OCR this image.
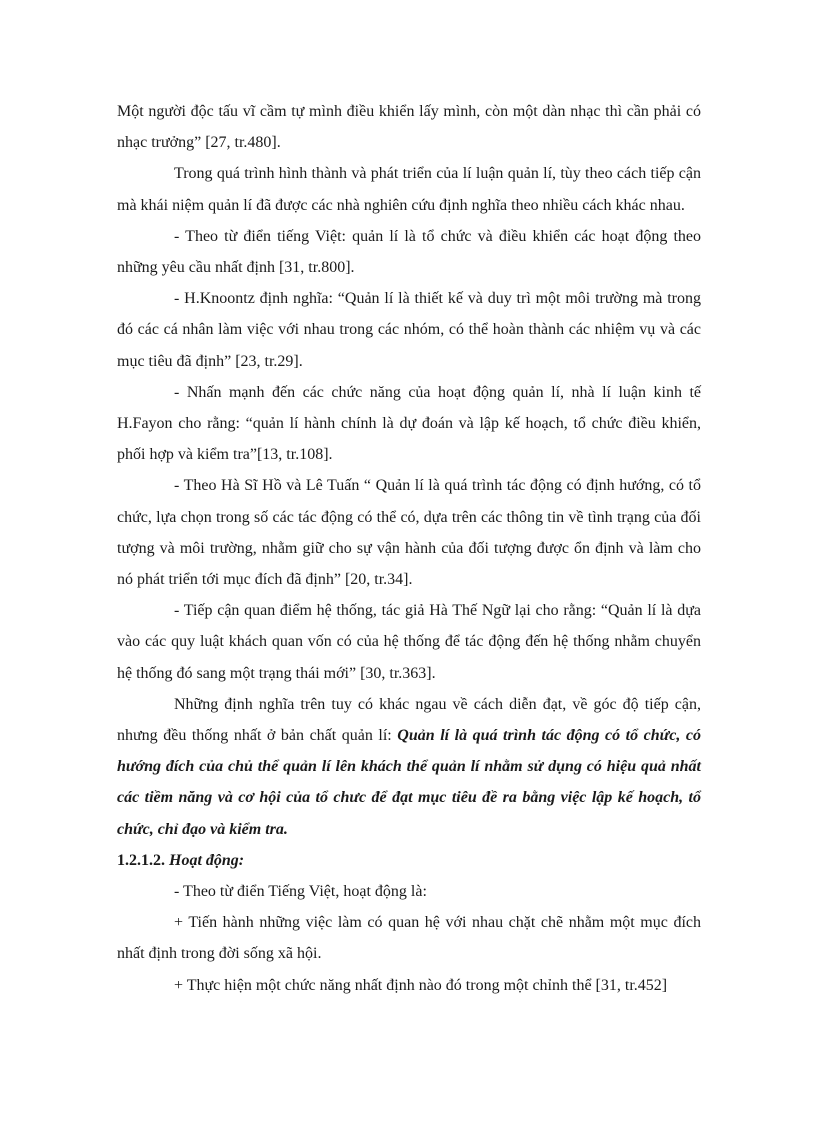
Một người độc tấu vĩ cầm tự mình điều khiển lấy mình, còn một dàn nhạc thì cần phải có nhạc trưởng” [27, tr.480].

Trong quá trình hình thành và phát triển của lí luận quản lí, tùy theo cách tiếp cận mà khái niệm quản lí đã được các nhà nghiên cứu định nghĩa theo nhiều cách khác nhau.

- Theo từ điển tiếng Việt: quản lí là tổ chức và điều khiển các hoạt động theo những yêu cầu nhất định [31, tr.800].

- H.Knoontz định nghĩa: “Quản lí là thiết kế và duy trì một môi trường mà trong đó các cá nhân làm việc với nhau trong các nhóm, có thể hoàn thành các nhiệm vụ và các mục tiêu đã định” [23, tr.29].

- Nhấn mạnh đến các chức năng của hoạt động quản lí, nhà lí luận kinh tế H.Fayon cho rằng: “quản lí hành chính là dự đoán và lập kế hoạch, tổ chức điều khiển, phối hợp và kiểm tra”[13, tr.108].

- Theo Hà Sĩ Hồ và Lê Tuấn “ Quản lí là quá trình tác động có định hướng, có tổ chức, lựa chọn trong số các tác động có thể có, dựa trên các thông tin về tình trạng của đối tượng và môi trường, nhằm giữ cho sự vận hành của đối tượng được ổn định và làm cho nó phát triển tới mục đích đã định” [20, tr.34].

- Tiếp cận quan điểm hệ thống, tác giả Hà Thế Ngữ lại cho rằng: “Quản lí là dựa vào các quy luật khách quan vốn có của hệ thống để tác động đến hệ thống nhằm chuyển hệ thống đó sang một trạng thái mới” [30, tr.363].

Những định nghĩa trên tuy có khác ngau về cách diễn đạt, về góc độ tiếp cận, nhưng đều thống nhất ở bản chất quản lí: Quản lí là quá trình tác động có tổ chức, có hướng đích của chủ thể quản lí lên khách thể quản lí nhằm sử dụng có hiệu quả nhất các tiềm năng và cơ hội của tổ chưc để đạt mục tiêu đề ra bằng việc lập kế hoạch, tổ chức, chỉ đạo và kiểm tra.

1.2.1.2. Hoạt động:

- Theo từ điển Tiếng Việt, hoạt động là:

+ Tiến hành những việc làm có quan hệ với nhau chặt chẽ nhằm một mục đích nhất định trong đời sống xã hội.

+ Thực hiện một chức năng nhất định nào đó trong một chỉnh thể [31, tr.452]
